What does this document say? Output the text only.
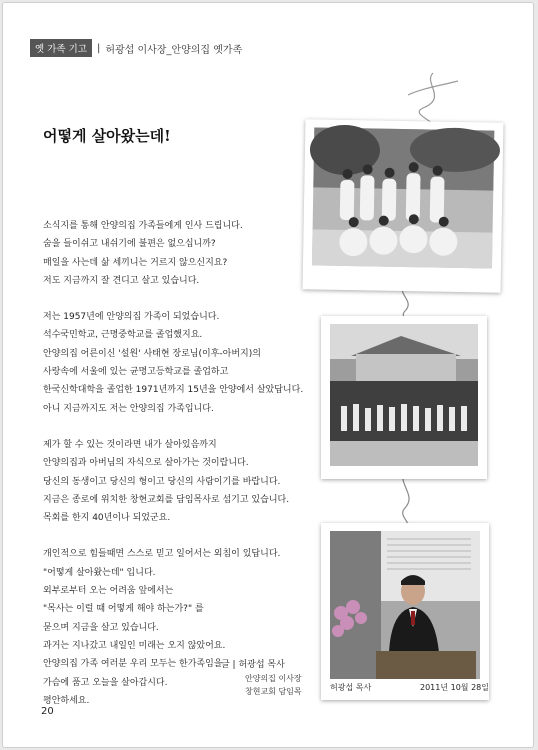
옛 가족 기고	| 허광섭 이사장_안양의집 옛가족
어떻게 살아왔는데!

소식지를 통해 안양의집 가족들에게 인사 드립니다.
숨을 들이쉬고 내쉬기에 불편은 없으십니까?
매일을 사는데 삶 세끼니는 거르지 않으신지요?
저도 지금까지 잘 견디고 살고 있습니다.

저는 1957년에 안양의집 가족이 되었습니다.
석수국민학교, 근명중학교를 졸업했지요.
안양의집 어른이신 '설원' 사태현 장로님(이후-아버지)의
사랑속에 서울에 있는 균명고등학교를 졸업하고
한국신학대학을 졸업한 1971년까지 15년을 안양에서 살았답니다.
아니 지금까지도 저는 안양의집 가족입니다.

제가 할 수 있는 것이라면 내가 살아있음까지
안양의집과 아버님의 자식으로 살아가는 것이랍니다.
당신의 동생이고 당신의 형이고 당신의 사람이기를 바랍니다.
지금은 종로에 위치한 창현교회를 담임목사로 섬기고 있습니다.
목회를 한지 40년이나 되었군요.

개인적으로 힘들때면 스스로 믿고 일어서는 외침이 있답니다.
"어떻게 살아왔는데" 입니다.
외부로부터 오는 어려움 앞에서는
"목사는 이럴 때 어떻게 해야 하는가?" 를
묻으며 지금을 살고 있습니다.
과거는 지나갔고 내일인 미래는 오지 않았어요.
안양의집 가족 여러분 우리 모두는 한가족임을
가슴에 품고 오늘을 살아갑시다.
평안하세요.

글 | 허광섭 목사
안양의집 이사장
창현교회 담임목
20
허광섭 목사	2011년 10월 28일
